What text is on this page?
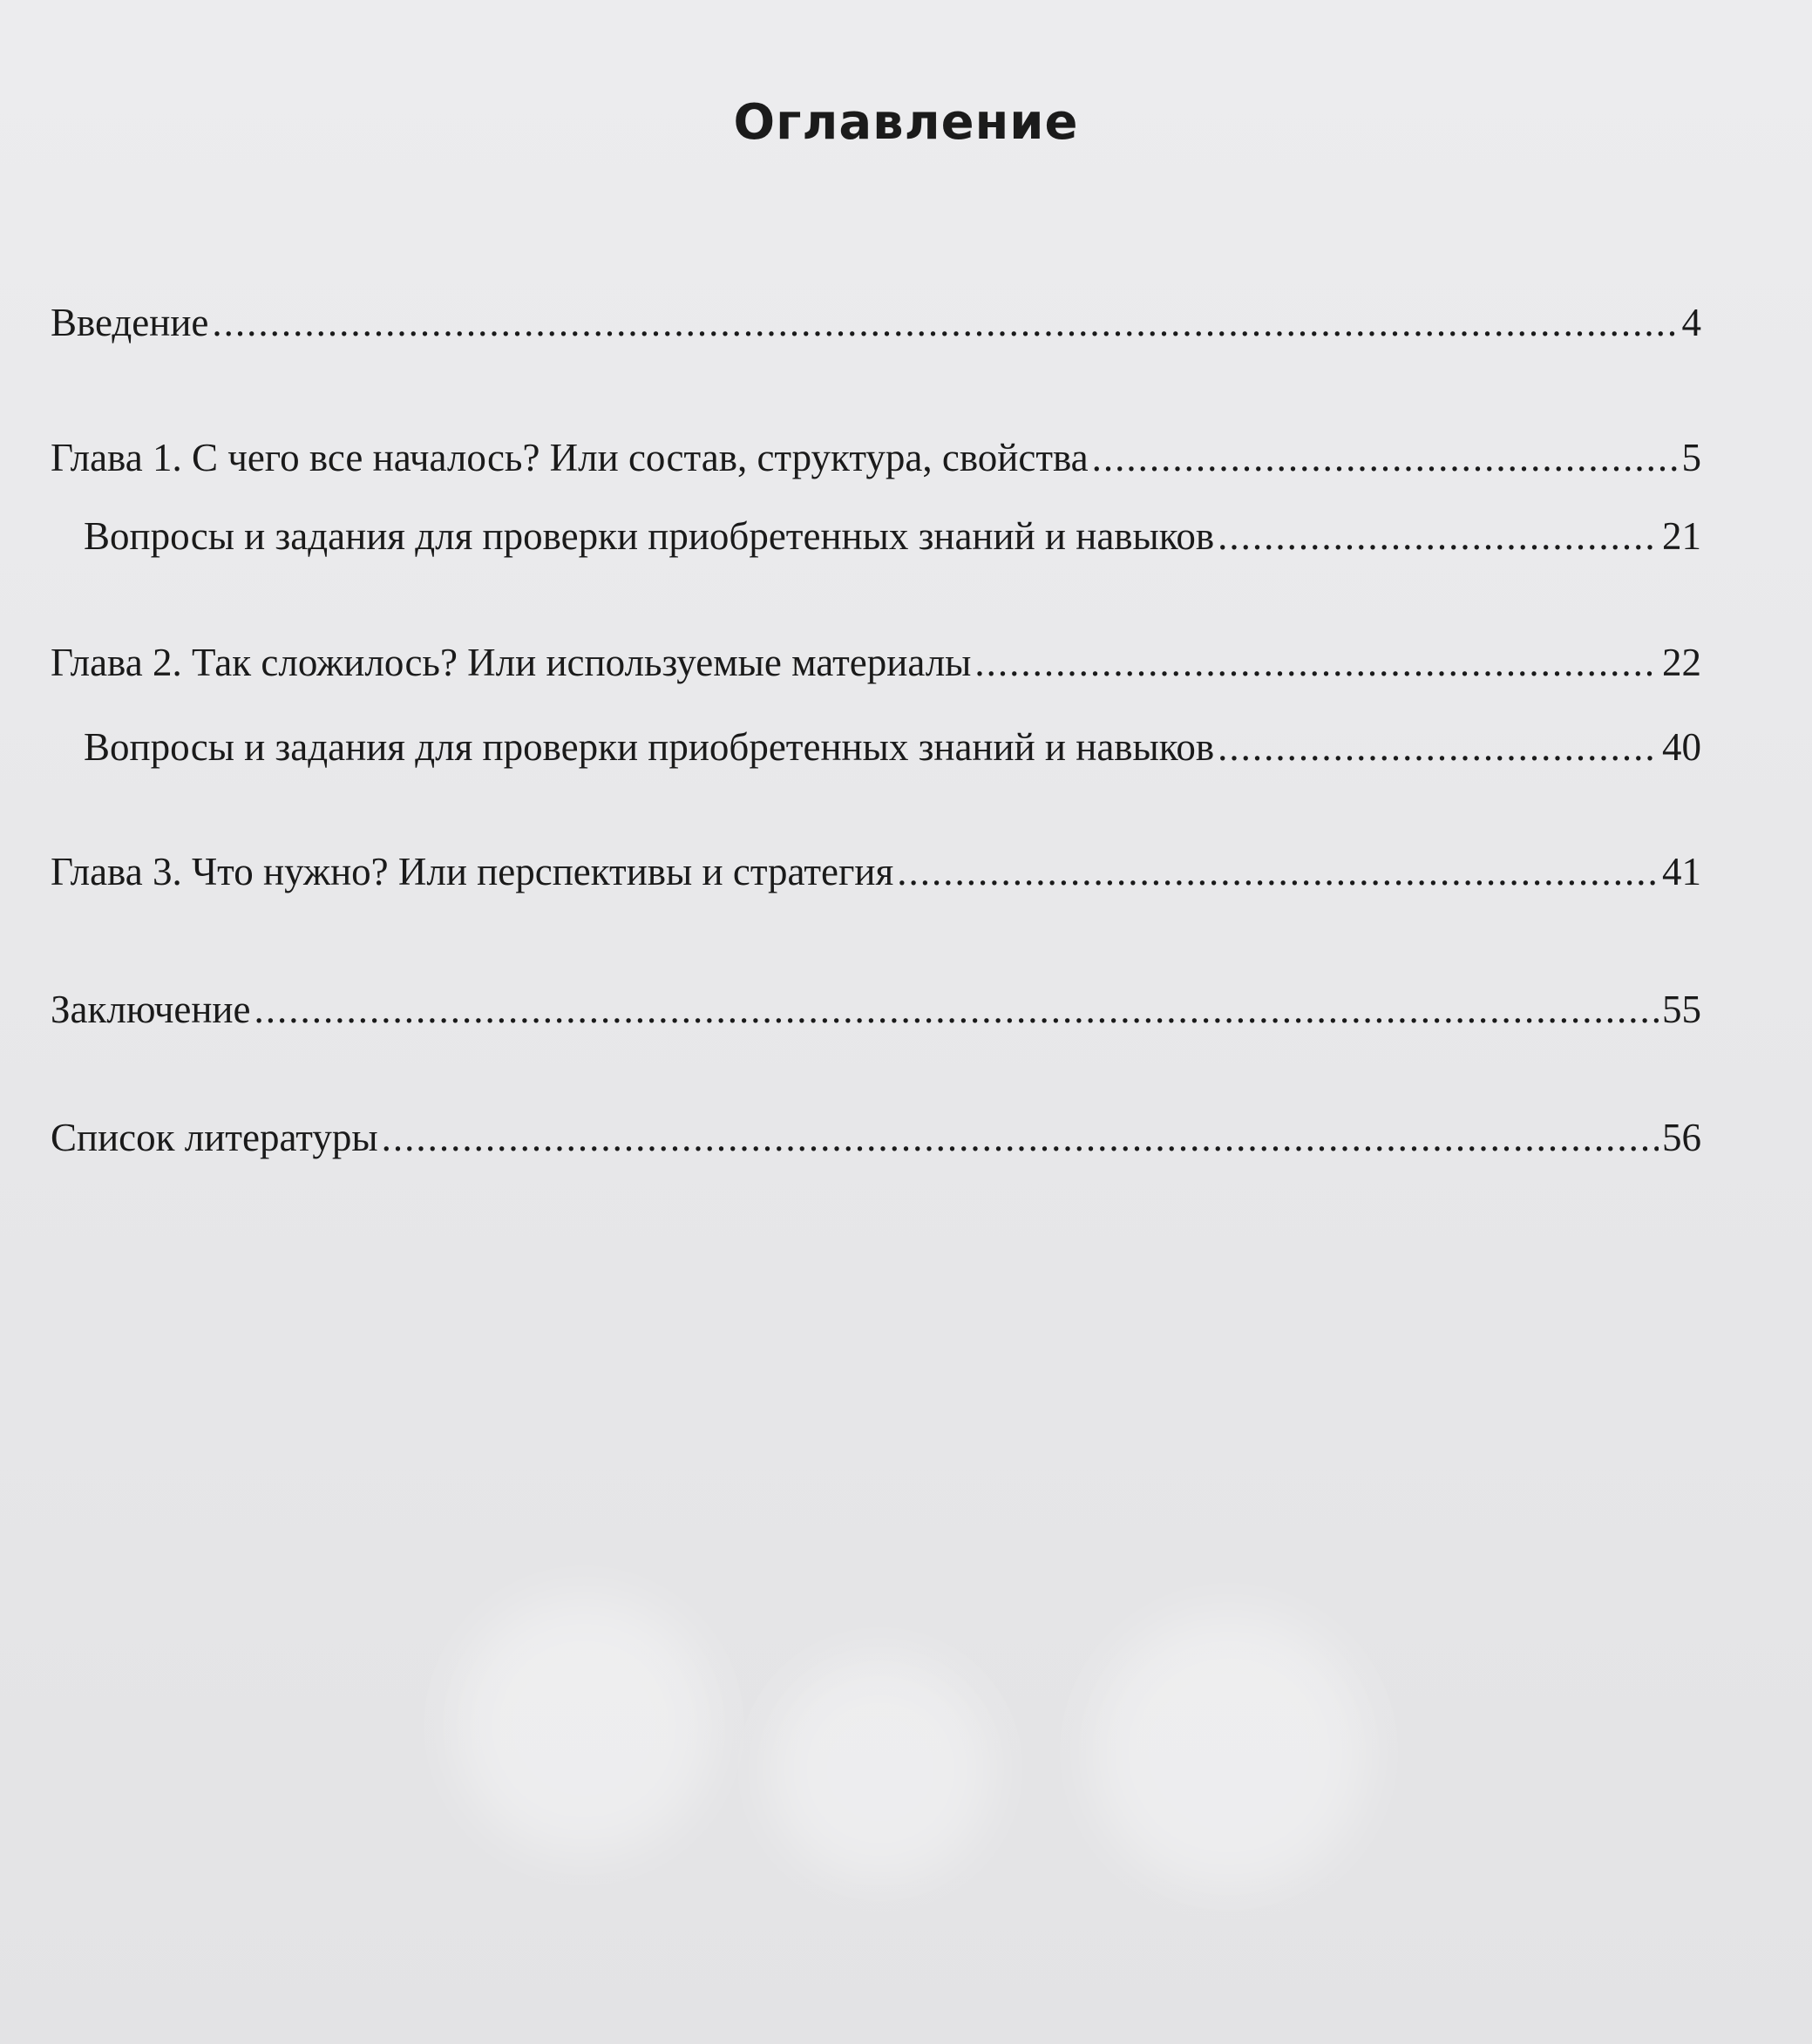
Оглавление
Введение .....	4
Глава 1. С чего все началось? Или состав, структура, свойства .....	5
Вопросы и задания для проверки приобретенных знаний и навыков .....	21
Глава 2. Так сложилось? Или используемые материалы .....	22
Вопросы и задания для проверки приобретенных знаний и навыков .....	40
Глава 3. Что нужно? Или перспективы и стратегия .....	41
Заключение .....	55
Список литературы .....	56
